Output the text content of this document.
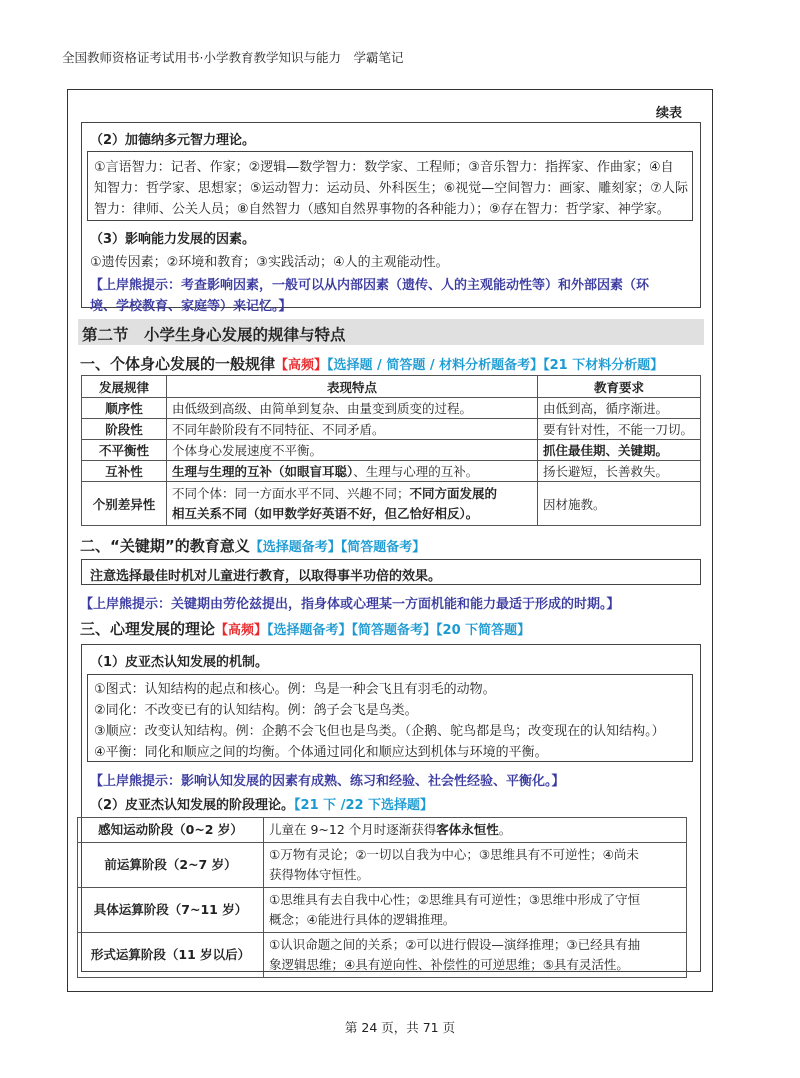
全国教师资格证考试用书·小学教育教学知识与能力　学霸笔记
续表
（2）加德纳多元智力理论。
①言语智力：记者、作家；②逻辑—数学智力：数学家、工程师；③音乐智力：指挥家、作曲家；④自
知智力：哲学家、思想家；⑤运动智力：运动员、外科医生；⑥视觉—空间智力：画家、雕刻家；⑦人际
智力：律师、公关人员；⑧自然智力（感知自然界事物的各种能力）；⑨存在智力：哲学家、神学家。
（3）影响能力发展的因素。
①遗传因素；②环境和教育；③实践活动；④人的主观能动性。
【上岸熊提示：考查影响因素，一般可以从内部因素（遗传、人的主观能动性等）和外部因素（环
境、学校教育、家庭等）来记忆。】
第二节　小学生身心发展的规律与特点
一、个体身心发展的一般规律【高频】【选择题 / 简答题 / 材料分析题备考】【21 下材料分析题】
发展规律	表现特点	教育要求
顺序性	由低级到高级、由简单到复杂、由量变到质变的过程。	由低到高，循序渐进。
阶段性	不同年龄阶段有不同特征、不同矛盾。	要有针对性，不能一刀切。
不平衡性	个体身心发展速度不平衡。	抓住最佳期、关键期。
互补性	生理与生理的互补（如眼盲耳聪）、生理与心理的互补。	扬长避短，长善救失。
个别差异性	不同个体：同一方面水平不同、兴趣不同；不同方面发展的
相互关系不同（如甲数学好英语不好，但乙恰好相反）。	因材施教。
二、“关键期”的教育意义【选择题备考】【简答题备考】
注意选择最佳时机对儿童进行教育，以取得事半功倍的效果。
【上岸熊提示：关键期由劳伦兹提出，指身体或心理某一方面机能和能力最适于形成的时期。】
三、心理发展的理论【高频】【选择题备考】【简答题备考】【20 下简答题】
（1）皮亚杰认知发展的机制。
①图式：认知结构的起点和核心。例：鸟是一种会飞且有羽毛的动物。
②同化：不改变已有的认知结构。例：鸽子会飞是鸟类。
③顺应：改变认知结构。例：企鹅不会飞但也是鸟类。（企鹅、鸵鸟都是鸟；改变现在的认知结构。）
④平衡：同化和顺应之间的均衡。个体通过同化和顺应达到机体与环境的平衡。
【上岸熊提示：影响认知发展的因素有成熟、练习和经验、社会性经验、平衡化。】
（2）皮亚杰认知发展的阶段理论。【21 下 /22 下选择题】
感知运动阶段（0~2 岁）	儿童在 9~12 个月时逐渐获得客体永恒性。
前运算阶段（2~7 岁）	①万物有灵论；②一切以自我为中心；③思维具有不可逆性；④尚未
获得物体守恒性。
具体运算阶段（7~11 岁）	①思维具有去自我中心性；②思维具有可逆性；③思维中形成了守恒
概念；④能进行具体的逻辑推理。
形式运算阶段（11 岁以后）	①认识命题之间的关系；②可以进行假设—演绎推理；③已经具有抽
象逻辑思维；④具有逆向性、补偿性的可逆思维；⑤具有灵活性。
第 24 页，共 71 页
